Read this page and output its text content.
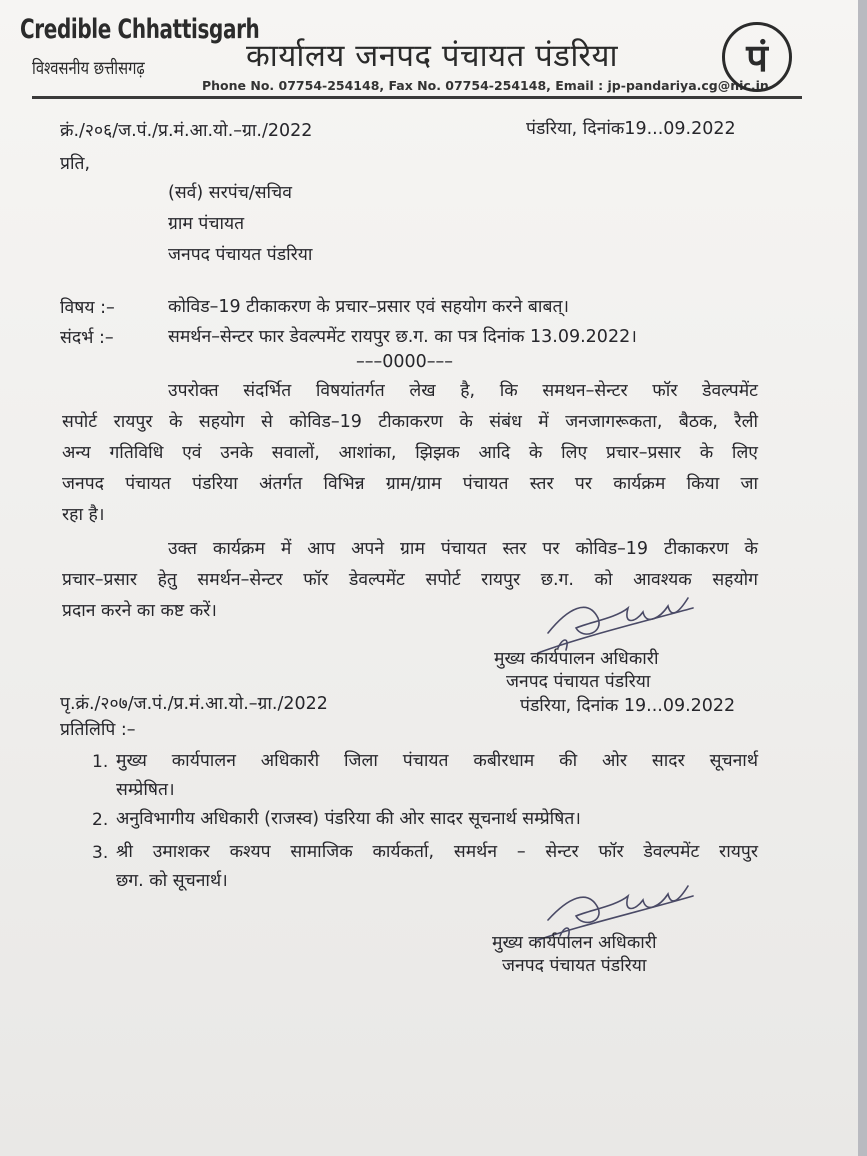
Credible Chhattisgarh
विश्वसनीय छत्तीसगढ़	कार्यालय जनपद पंचायत पंडरिया
Phone No. 07754-254148, Fax No. 07754-254148, Email : jp-pandariya.cg@nic.in
पं
क्रं./२०६/ज.पं./प्र.मं.आ.यो.–ग्रा./2022	पंडरिया, दिनांक19...09.2022
प्रति,
(सर्व) सरपंच/सचिव
ग्राम पंचायत
जनपद पंचायत पंडरिया
विषय :–	कोविड–19 टीकाकरण के प्रचार–प्रसार एवं सहयोग करने बाबत्।
संदर्भ :–	समर्थन–सेन्टर फार डेवल्पमेंट रायपुर छ.ग. का पत्र दिनांक 13.09.2022।
–––0000–––
उपरोक्त संदर्भित विषयांतर्गत लेख है, कि समथन–सेन्टर फॉर डेवल्पमेंट
सपोर्ट रायपुर के सहयोग से कोविड–19 टीकाकरण के संबंध में जनजागरूकता, बैठक, रैली
अन्य गतिविधि एवं उनके सवालों, आशांका, झिझक आदि के लिए प्रचार–प्रसार के लिए
जनपद पंचायत पंडरिया अंतर्गत विभिन्न ग्राम/ग्राम पंचायत स्तर पर कार्यक्रम किया जा
रहा है।
उक्त कार्यक्रम में आप अपने ग्राम पंचायत स्तर पर कोविड–19 टीकाकरण के
प्रचार–प्रसार हेतु समर्थन–सेन्टर फॉर डेवल्पमेंट सपोर्ट रायपुर छ.ग. को आवश्यक सहयोग
प्रदान करने का कष्ट करें।
मुख्य कार्यपालन अधिकारी
जनपद पंचायत पंडरिया
पृ.क्रं./२०७/ज.पं./प्र.मं.आ.यो.–ग्रा./2022	पंडरिया, दिनांक 19...09.2022
प्रतिलिपि :–
1. मुख्य कार्यपालन अधिकारी जिला पंचायत कबीरधाम की ओर सादर सूचनार्थ
सम्प्रेषित।
2. अनुविभागीय अधिकारी (राजस्व) पंडरिया की ओर सादर सूचनार्थ सम्प्रेषित।
3. श्री उमाशकर कश्यप सामाजिक कार्यकर्ता, समर्थन – सेन्टर फॉर डेवल्पमेंट रायपुर
छग. को सूचनार्थ।
मुख्य कार्यपालन अधिकारी
जनपद पंचायत पंडरिया
